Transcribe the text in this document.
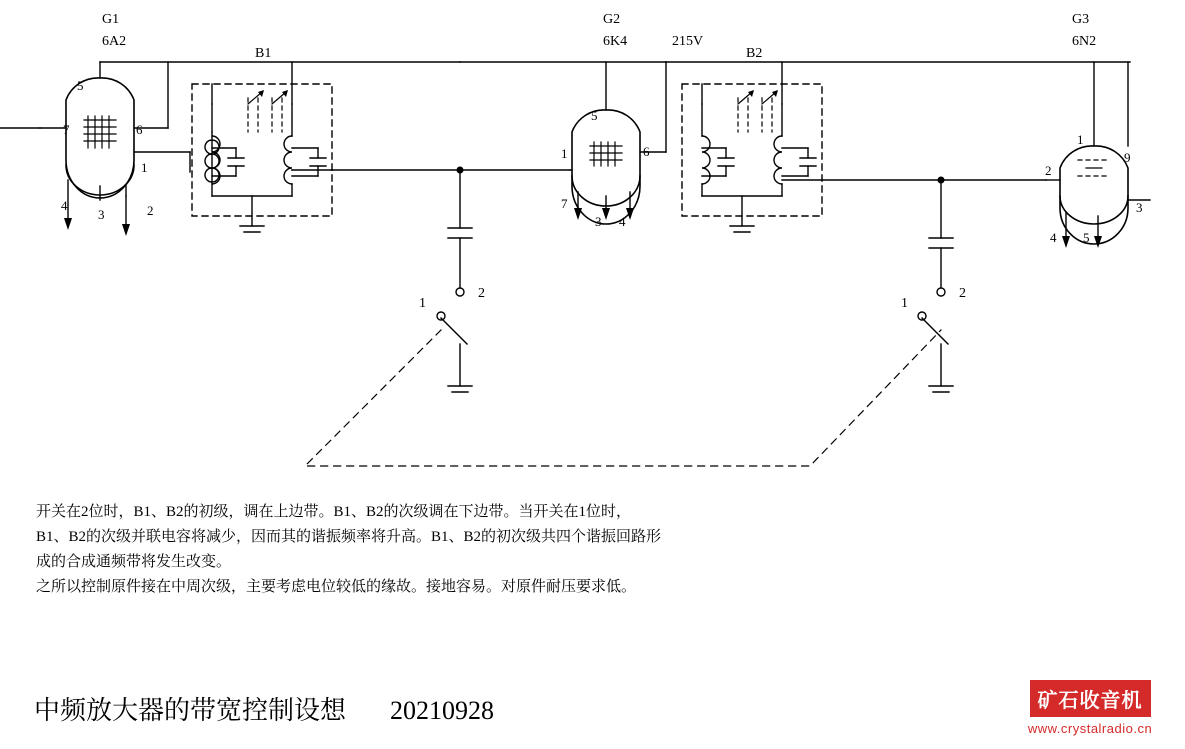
G1
6A2
B1
G2
6K4
B2
G3
6N2
215V
5
7	6
1
4
3	2
5
1	6
7
3 4
1
9
2
3
4 5
1
2
1
2
开关在2位时，B1、B2的初级，调在上边带。B1、B2的次级调在下边带。当开关在1位时，
B1、B2的次级并联电容将减少，因而其的谐振频率将升高。B1、B2的初次级共四个谐振回路形
成的合成通频带将发生改变。
之所以控制原件接在中周次级，主要考虑电位较低的缘故。接地容易。对原件耐压要求低。
中频放大器的带宽控制设想 20210928	矿石收音机
www.crystalradio.cn
